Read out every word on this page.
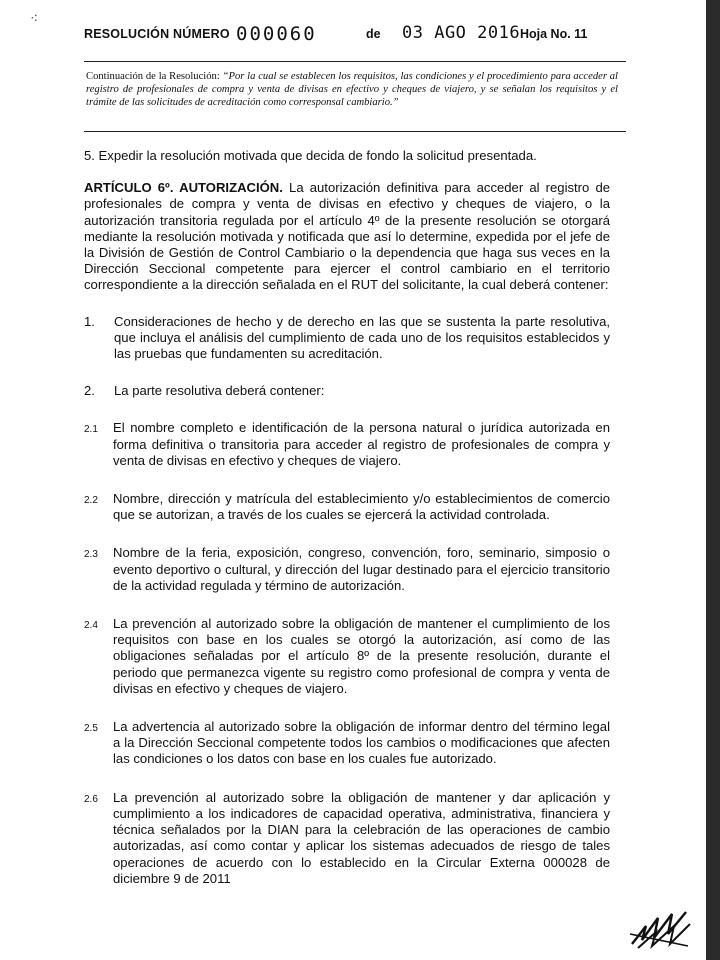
⁖
RESOLUCIÓN NÚMERO 000060	de 03 AGO 2016 Hoja No. 11
Continuación de la Resolución: “Por la cual se establecen los requisitos, las condiciones y el procedimiento para acceder al registro de profesionales de compra y venta de divisas en efectivo y cheques de viajero, y se señalan los requisitos y el trámite de las solicitudes de acreditación como corresponsal cambiario.”

5. Expedir la resolución motivada que decida de fondo la solicitud presentada.

ARTÍCULO 6º. AUTORIZACIÓN. La autorización definitiva para acceder al registro de profesionales de compra y venta de divisas en efectivo y cheques de viajero, o la autorización transitoria regulada por el artículo 4º de la presente resolución se otorgará mediante la resolución motivada y notificada que así lo determine, expedida por el jefe de la División de Gestión de Control Cambiario o la dependencia que haga sus veces en la Dirección Seccional competente para ejercer el control cambiario en el territorio correspondiente a la dirección señalada en el RUT del solicitante, la cual deberá contener:

1.	Consideraciones de hecho y de derecho en las que se sustenta la parte resolutiva, que incluya el análisis del cumplimiento de cada uno de los requisitos establecidos y las pruebas que fundamenten su acreditación.

2.	La parte resolutiva deberá contener:

2.1	El nombre completo e identificación de la persona natural o jurídica autorizada en forma definitiva o transitoria para acceder al registro de profesionales de compra y venta de divisas en efectivo y cheques de viajero.

2.2	Nombre, dirección y matrícula del establecimiento y/o establecimientos de comercio que se autorizan, a través de los cuales se ejercerá la actividad controlada.

2.3	Nombre de la feria, exposición, congreso, convención, foro, seminario, simposio o evento deportivo o cultural, y dirección del lugar destinado para el ejercicio transitorio de la actividad regulada y término de autorización.

2.4	La prevención al autorizado sobre la obligación de mantener el cumplimiento de los requisitos con base en los cuales se otorgó la autorización, así como de las obligaciones señaladas por el artículo 8º de la presente resolución, durante el periodo que permanezca vigente su registro como profesional de compra y venta de divisas en efectivo y cheques de viajero.

2.5	La advertencia al autorizado sobre la obligación de informar dentro del término legal a la Dirección Seccional competente todos los cambios o modificaciones que afecten las condiciones o los datos con base en los cuales fue autorizado.

2.6	La prevención al autorizado sobre la obligación de mantener y dar aplicación y cumplimiento a los indicadores de capacidad operativa, administrativa, financiera y técnica señalados por la DIAN para la celebración de las operaciones de cambio autorizadas, así como contar y aplicar los sistemas adecuados de riesgo de tales operaciones de acuerdo con lo establecido en la Circular Externa 000028 de diciembre 9 de 2011
